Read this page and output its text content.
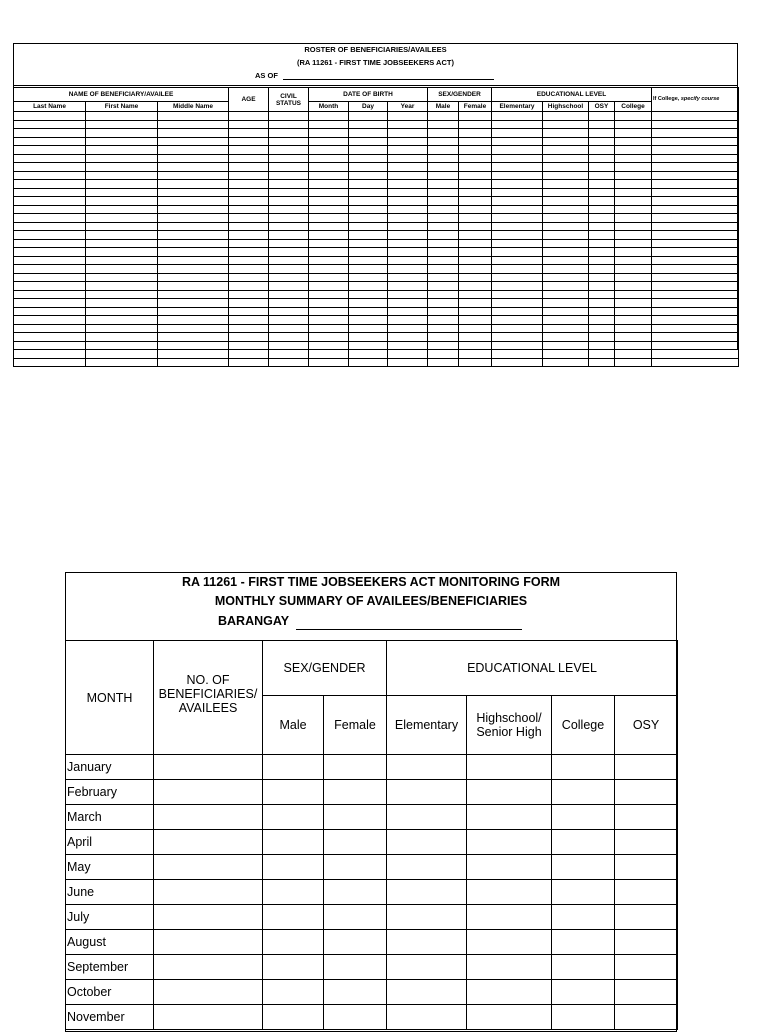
ROSTER OF BENEFICIARIES/AVAILEES
(RA 11261 - FIRST TIME JOBSEEKERS ACT)
AS OF
NAME OF BENEFICIARY/AVAILEE			AGE	CIVIL STATUS	DATE OF BIRTH			SEX/GENDER		EDUCATIONAL LEVEL				If College, specify course
Last Name	First Name	Middle Name			Month	Day	Year	Male	Female	Elementary	Highschool	OSY	College	

RA 11261 - FIRST TIME JOBSEEKERS ACT MONITORING FORM
MONTHLY SUMMARY OF AVAILEES/BENEFICIARIES
BARANGAY
MONTH	NO. OF BENEFICIARIES/ AVAILEES	SEX/GENDER		EDUCATIONAL LEVEL			
		Male	Female	Elementary	Highschool/ Senior High	College	OSY
January							
February							
March							
April							
May							
June							
July							
August							
September							
October							
November							
